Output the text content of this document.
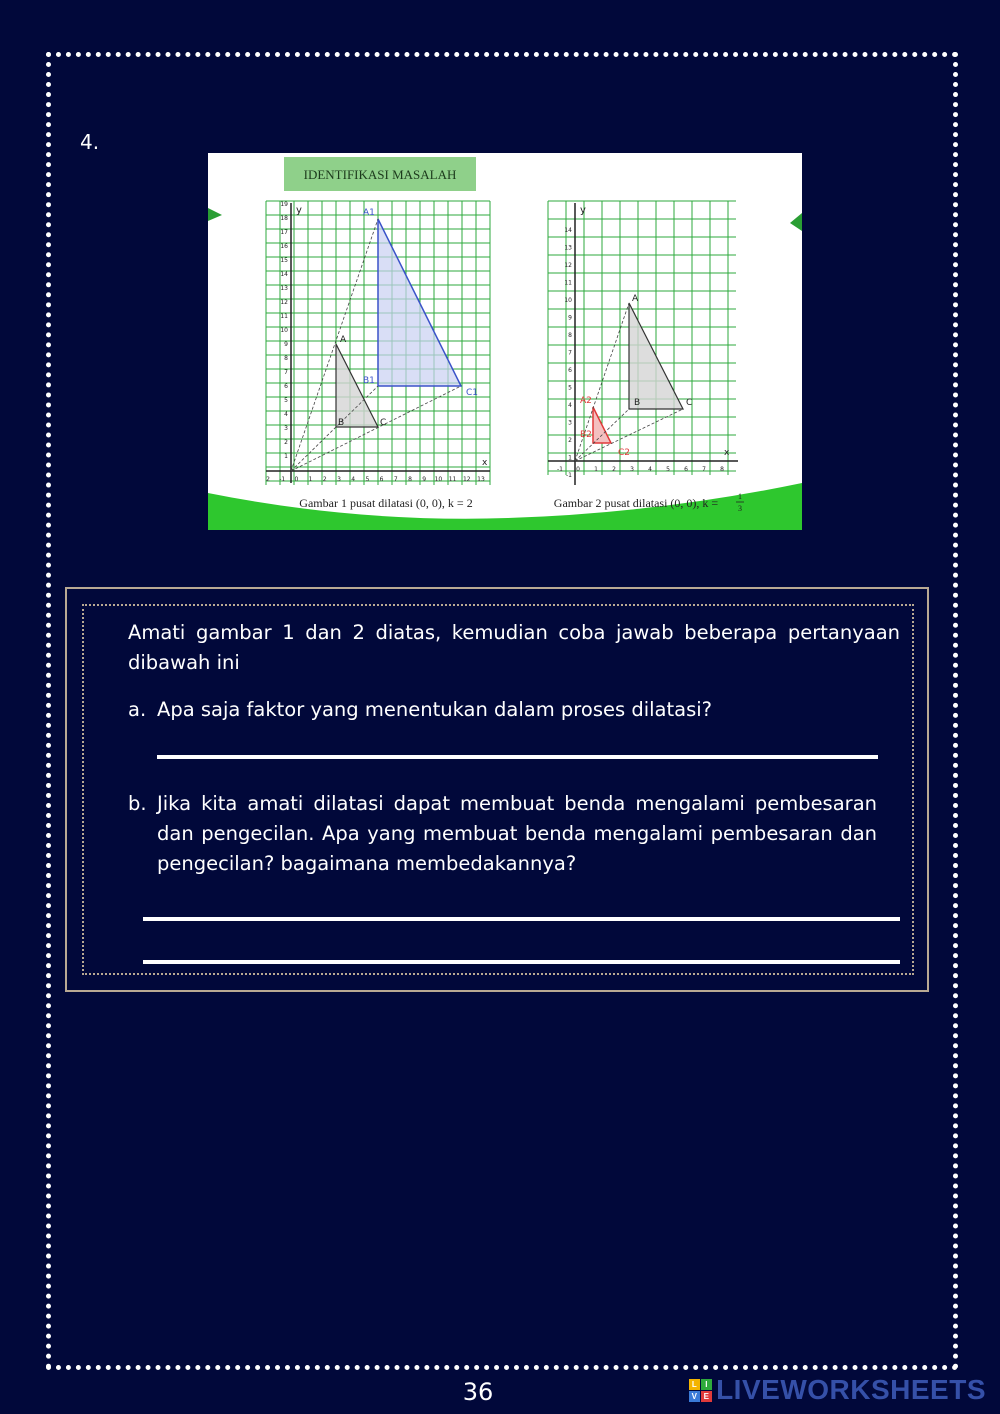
4.
IDENTIFIKASI MASALAH
x
y
A
B	C
A1
B1
C1
2 -1 0 1 2 3 4 5 6 7 8 9 10 11 12 13
1
2
3
4
5
6
7
8
9
10
11
12
13
14
15
16
17
18
19
Gambar 1 pusat dilatasi (0, 0), k = 2
x
y
A
B	C
A2
B2
C2
-1 0 1 2 3 4 5 6 7 8
-1
1
2
3
4
5
6
7
8
9
10
11
12
13
14
Gambar 2 pusat dilatasi (0, 0), k = 1
3
Amati gambar 1 dan 2 diatas, kemudian coba jawab beberapa pertanyaan dibawah ini
a. Apa saja faktor yang menentukan dalam proses dilatasi?
b. Jika kita amati dilatasi dapat membuat benda mengalami pembesaran dan pengecilan. Apa yang membuat benda mengalami pembesaran dan pengecilan? bagaimana membedakannya?
36	L I
V E LIVEWORKSHEETS
